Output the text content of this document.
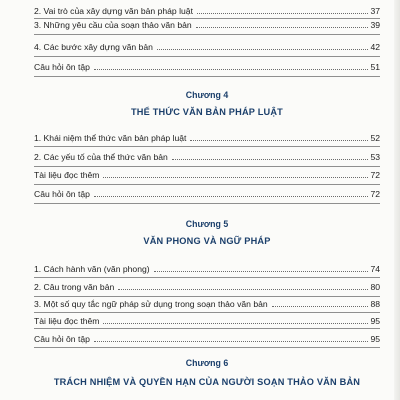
2. Vai trò của xây dựng văn bản pháp luật	37
3. Những yêu cầu của soạn thảo văn bản	39
4. Các bước xây dựng văn bản	42
Câu hỏi ôn tập	51
Chương 4
THỂ THỨC VĂN BẢN PHÁP LUẬT
1. Khái niệm thể thức văn bản pháp luật	52
2. Các yếu tố của thể thức văn bản	53
Tài liệu đọc thêm	72
Câu hỏi ôn tập	72
Chương 5
VĂN PHONG VÀ NGỮ PHÁP
1. Cách hành văn (văn phong)	74
2. Câu trong văn bản	80
3. Một số quy tắc ngữ pháp sử dụng trong soạn thảo văn bản	88
Tài liệu đọc thêm	95
Câu hỏi ôn tập	95
Chương 6
TRÁCH NHIỆM VÀ QUYỀN HẠN CỦA NGƯỜI SOẠN THẢO VĂN BẢN
